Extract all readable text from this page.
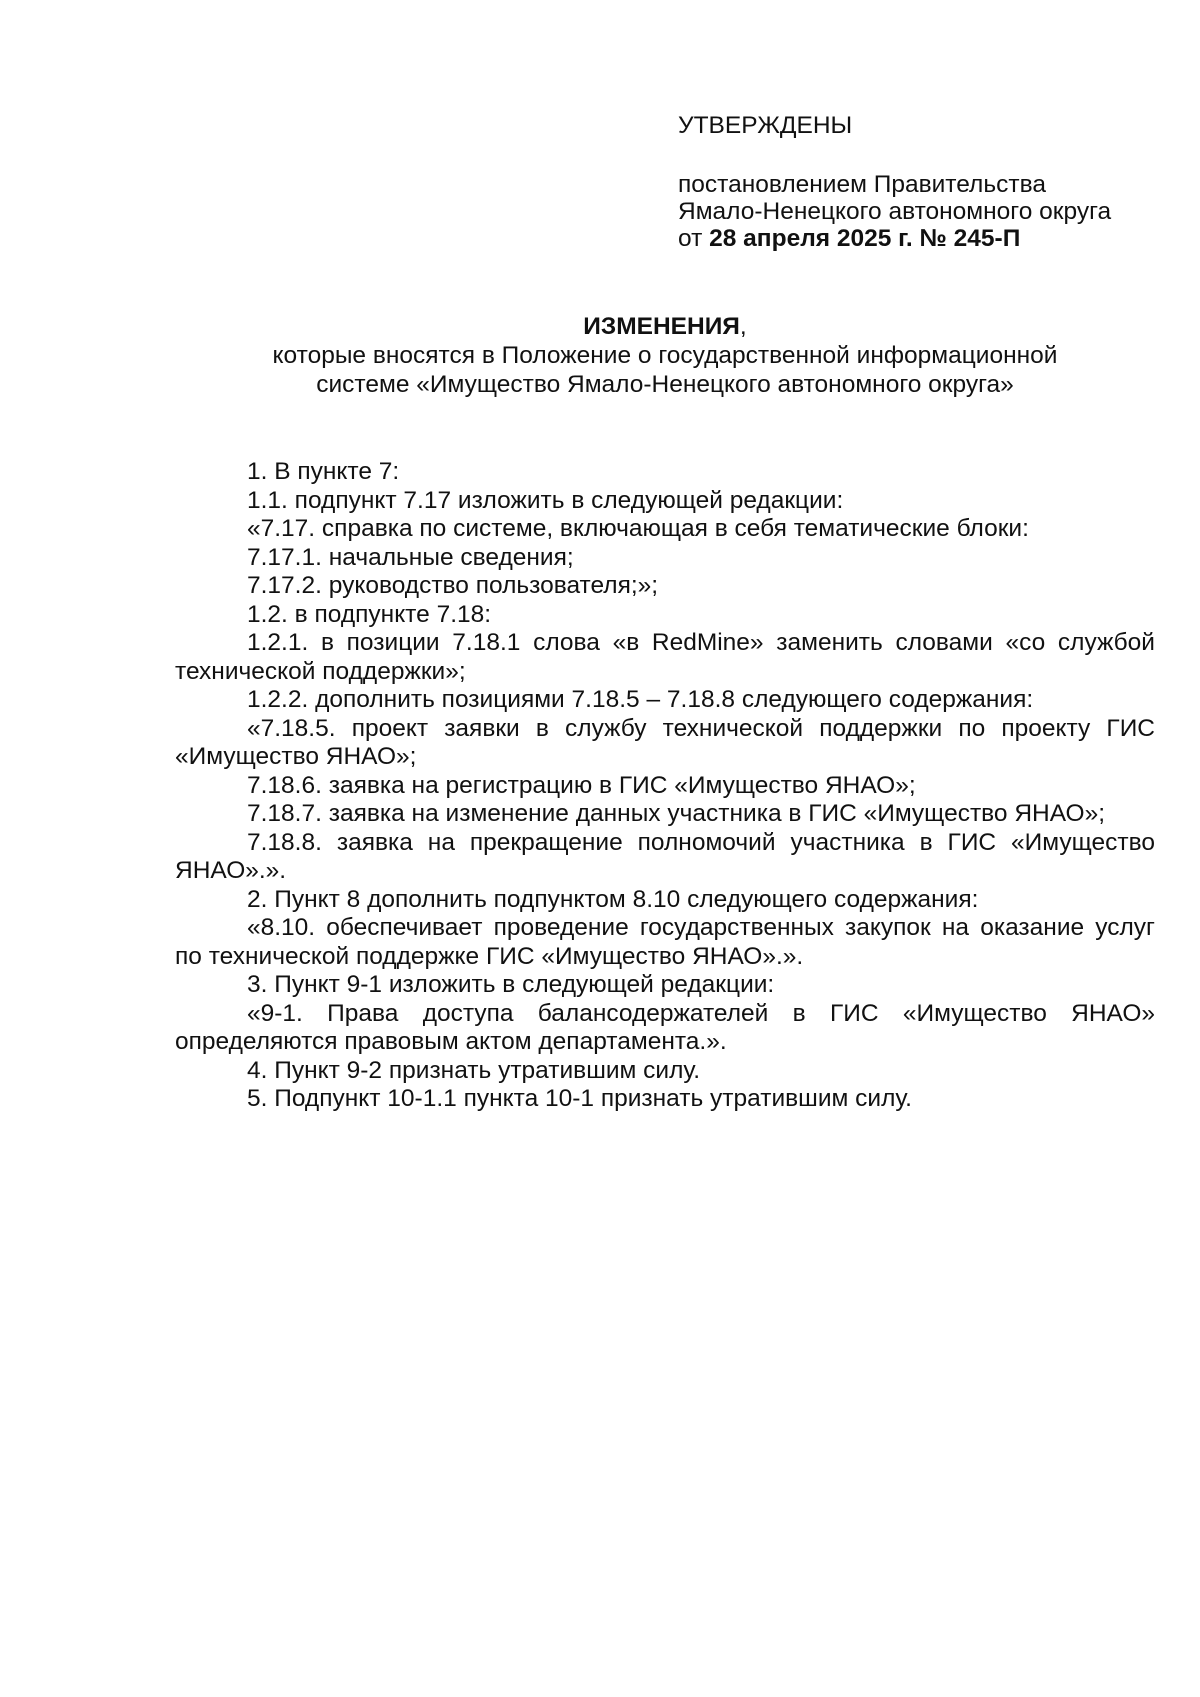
УТВЕРЖДЕНЫ
постановлением Правительства
Ямало-Ненецкого автономного округа
от 28 апреля 2025 г. № 245-П
ИЗМЕНЕНИЯ,
которые вносятся в Положение о государственной информационной
системе «Имущество Ямало-Ненецкого автономного округа»

1. В пункте 7:

1.1. подпункт 7.17 изложить в следующей редакции:

«7.17. справка по системе, включающая в себя тематические блоки:

7.17.1. начальные сведения;

7.17.2. руководство пользователя;»;

1.2. в подпункте 7.18:

1.2.1. в позиции 7.18.1 слова «в RedMine» заменить словами «со службой технической поддержки»;

1.2.2. дополнить позициями 7.18.5 – 7.18.8 следующего содержания:

«7.18.5. проект заявки в службу технической поддержки по проекту ГИС «Имущество ЯНАО»;

7.18.6. заявка на регистрацию в ГИС «Имущество ЯНАО»;

7.18.7. заявка на изменение данных участника в ГИС «Имущество ЯНАО»;

7.18.8. заявка на прекращение полномочий участника в ГИС «Имущество ЯНАО».».

2. Пункт 8 дополнить подпунктом 8.10 следующего содержания:

«8.10. обеспечивает проведение государственных закупок на оказание услуг по технической поддержке ГИС «Имущество ЯНАО».».

3. Пункт 9-1 изложить в следующей редакции:

«9-1. Права доступа балансодержателей в ГИС «Имущество ЯНАО» определяются правовым актом департамента.».

4. Пункт 9-2 признать утратившим силу.

5. Подпункт 10-1.1 пункта 10-1 признать утратившим силу.
